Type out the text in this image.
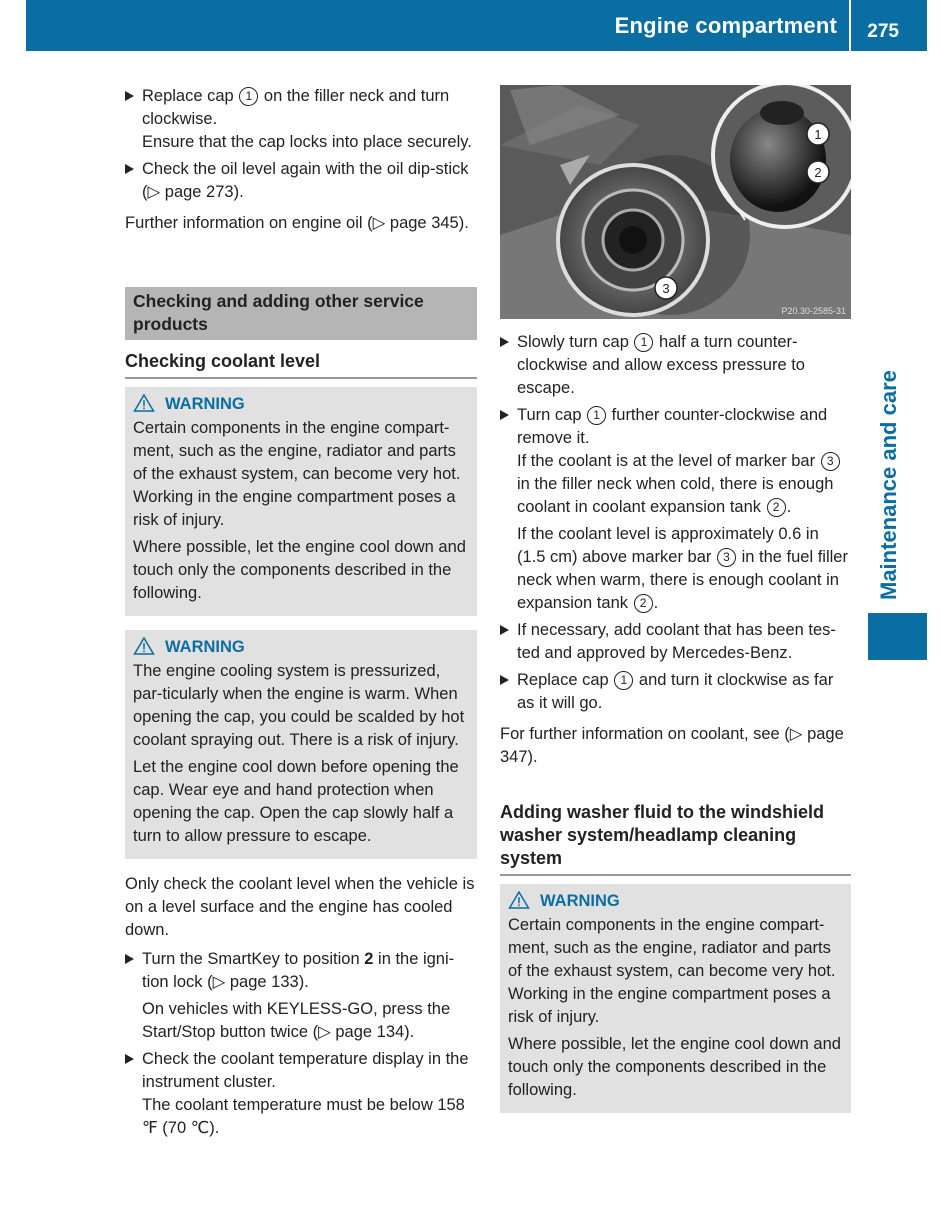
Engine compartment 275
Maintenance and care

Replace cap 1 on the filler neck and turn clockwise.

Ensure that the cap locks into place securely.

Check the oil level again with the oil dip-stick (▷ page 273).

Further information on engine oil (▷ page 345).

Checking and adding other service products
Checking coolant level
WARNING

Certain components in the engine compart-ment, such as the engine, radiator and parts of the exhaust system, can become very hot. Working in the engine compartment poses a risk of injury.

Where possible, let the engine cool down and touch only the components described in the following.

WARNING

The engine cooling system is pressurized, par-ticularly when the engine is warm. When opening the cap, you could be scalded by hot coolant spraying out. There is a risk of injury.

Let the engine cool down before opening the cap. Wear eye and hand protection when opening the cap. Open the cap slowly half a turn to allow pressure to escape.

Only check the coolant level when the vehicle is on a level surface and the engine has cooled down.

Turn the SmartKey to position 2 in the igni-tion lock (▷ page 133).

On vehicles with KEYLESS-GO, press the Start/Stop button twice (▷ page 134).

Check the coolant temperature display in the instrument cluster.

The coolant temperature must be below 158 ℉ (70 ℃).

1
2
3
P20.30-2585-31

Slowly turn cap 1 half a turn counter-clockwise and allow excess pressure to escape.

Turn cap 1 further counter-clockwise and remove it.

If the coolant is at the level of marker bar 3 in the filler neck when cold, there is enough coolant in coolant expansion tank 2 .

If the coolant level is approximately 0.6 in (1.5 cm) above marker bar 3 in the fuel filler neck when warm, there is enough coolant in expansion tank 2 .

If necessary, add coolant that has been tes-ted and approved by Mercedes-Benz.

Replace cap 1 and turn it clockwise as far as it will go.

For further information on coolant, see (▷ page 347).

Adding washer fluid to the windshield washer system/headlamp cleaning system
WARNING

Certain components in the engine compart-ment, such as the engine, radiator and parts of the exhaust system, can become very hot. Working in the engine compartment poses a risk of injury.

Where possible, let the engine cool down and touch only the components described in the following.
